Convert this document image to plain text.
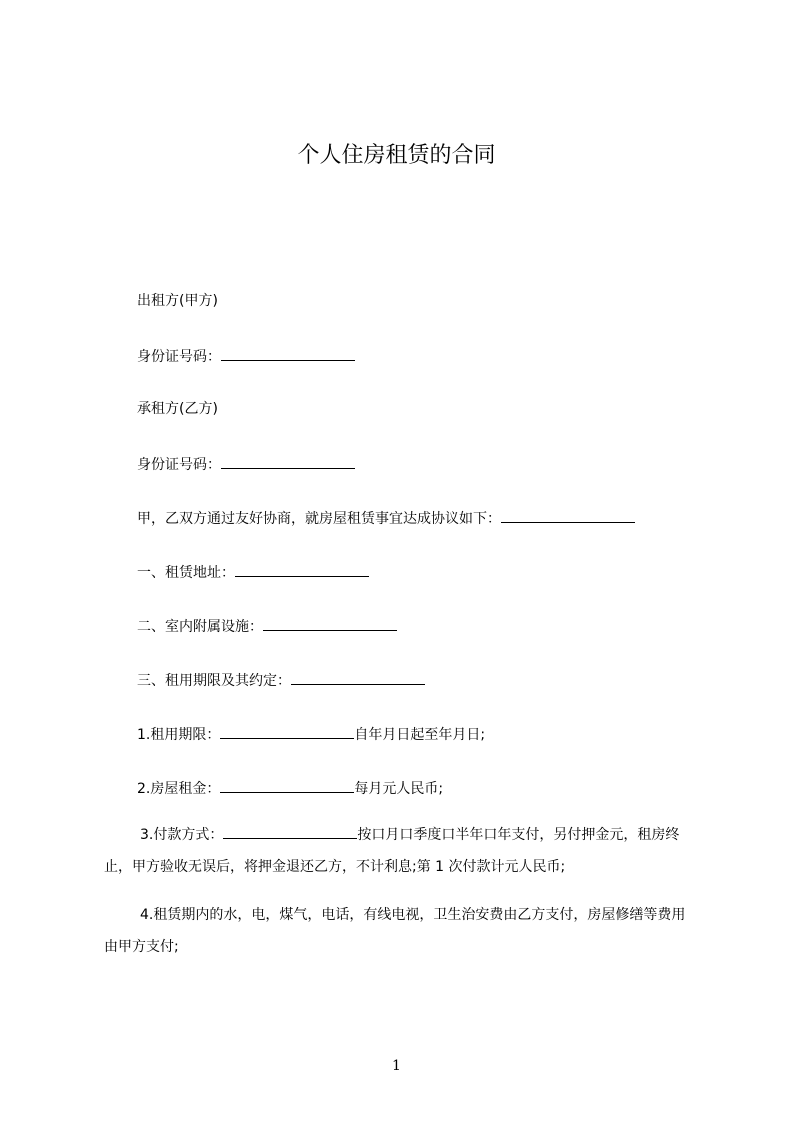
个人住房租赁的合同
出租方(甲方)
身份证号码：
承租方(乙方)
身份证号码：
甲，乙双方通过友好协商，就房屋租赁事宜达成协议如下：
一、租赁地址：
二、室内附属设施：
三、租用期限及其约定：
1.租用期限：	自年月日起至年月日;
2.房屋租金：	每月元人民币;
3.付款方式：	按口月口季度口半年口年支付，另付押金元，租房终止，甲方验收无误后，将押金退还乙方，不计利息;第 1 次付款计元人民币;
4.租赁期内的水，电，煤气，电话，有线电视，卫生治安费由乙方支付，房屋修缮等费用由甲方支付;
1
